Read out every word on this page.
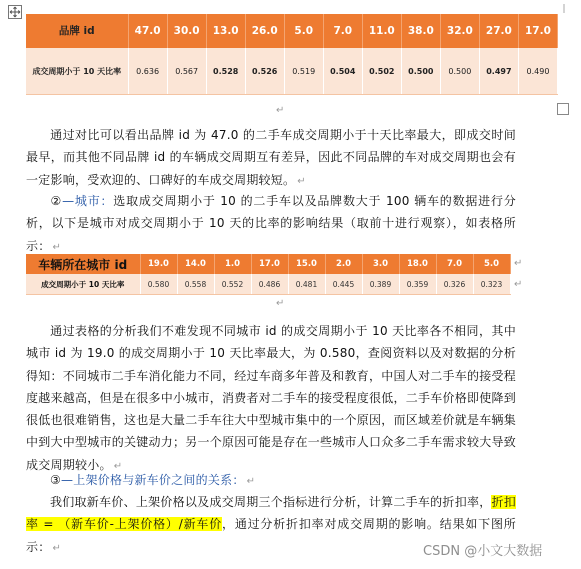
品牌 id	47.0	30.0	13.0	26.0	5.0	7.0	11.0	38.0	32.0	27.0	17.0
成交周期小于 10 天比率	0.636	0.567	0.528	0.526	0.519	0.504	0.502	0.500	0.500	0.497	0.490
↵
通过对比可以看出品牌 id 为 47.0 的二手车成交周期小于十天比率最大，即成交时间最早，而其他不同品牌 id 的车辆成交周期互有差异，因此不同品牌的车对成交周期也会有一定影响，受欢迎的、口碑好的车成交周期较短。 ↵
②—城市：选取成交周期小于 10 的二手车以及品牌数大于 100 辆车的数据进行分析，以下是城市对成交周期小于 10 天的比率的影响结果（取前十进行观察），如表格所示： ↵
车辆所在城市 id	19.0	14.0	1.0	17.0	15.0	2.0	3.0	18.0	7.0	5.0
成交周期小于 10 天比率	0.580	0.558	0.552	0.486	0.481	0.445	0.389	0.359	0.326	0.323
↵
↵
↵
通过表格的分析我们不难发现不同城市 id 的成交周期小于 10 天比率各不相同，其中城市 id 为 19.0 的成交周期小于 10 天比率最大，为 0.580，查阅资料以及对数据的分析得知：不同城市二手车消化能力不同，经过车商多年普及和教育，中国人对二手车的接受程度越来越高，但是在很多中小城市，消费者对二手车的接受程度很低，二手车价格即使降到很低也很难销售，这也是大量二手车往大中型城市集中的一个原因，而区域差价就是车辆集中到大中型城市的关键动力；另一个原因可能是存在一些城市人口众多二手车需求较大导致成交周期较小。 ↵
③—上架价格与新车价之间的关系： ↵
我们取新车价、上架价格以及成交周期三个指标进行分析，计算二手车的折扣率，折扣率 = （新车价-上架价格）/新车价，通过分析折扣率对成交周期的影响。结果如下图所示： ↵	CSDN @小文大数据
